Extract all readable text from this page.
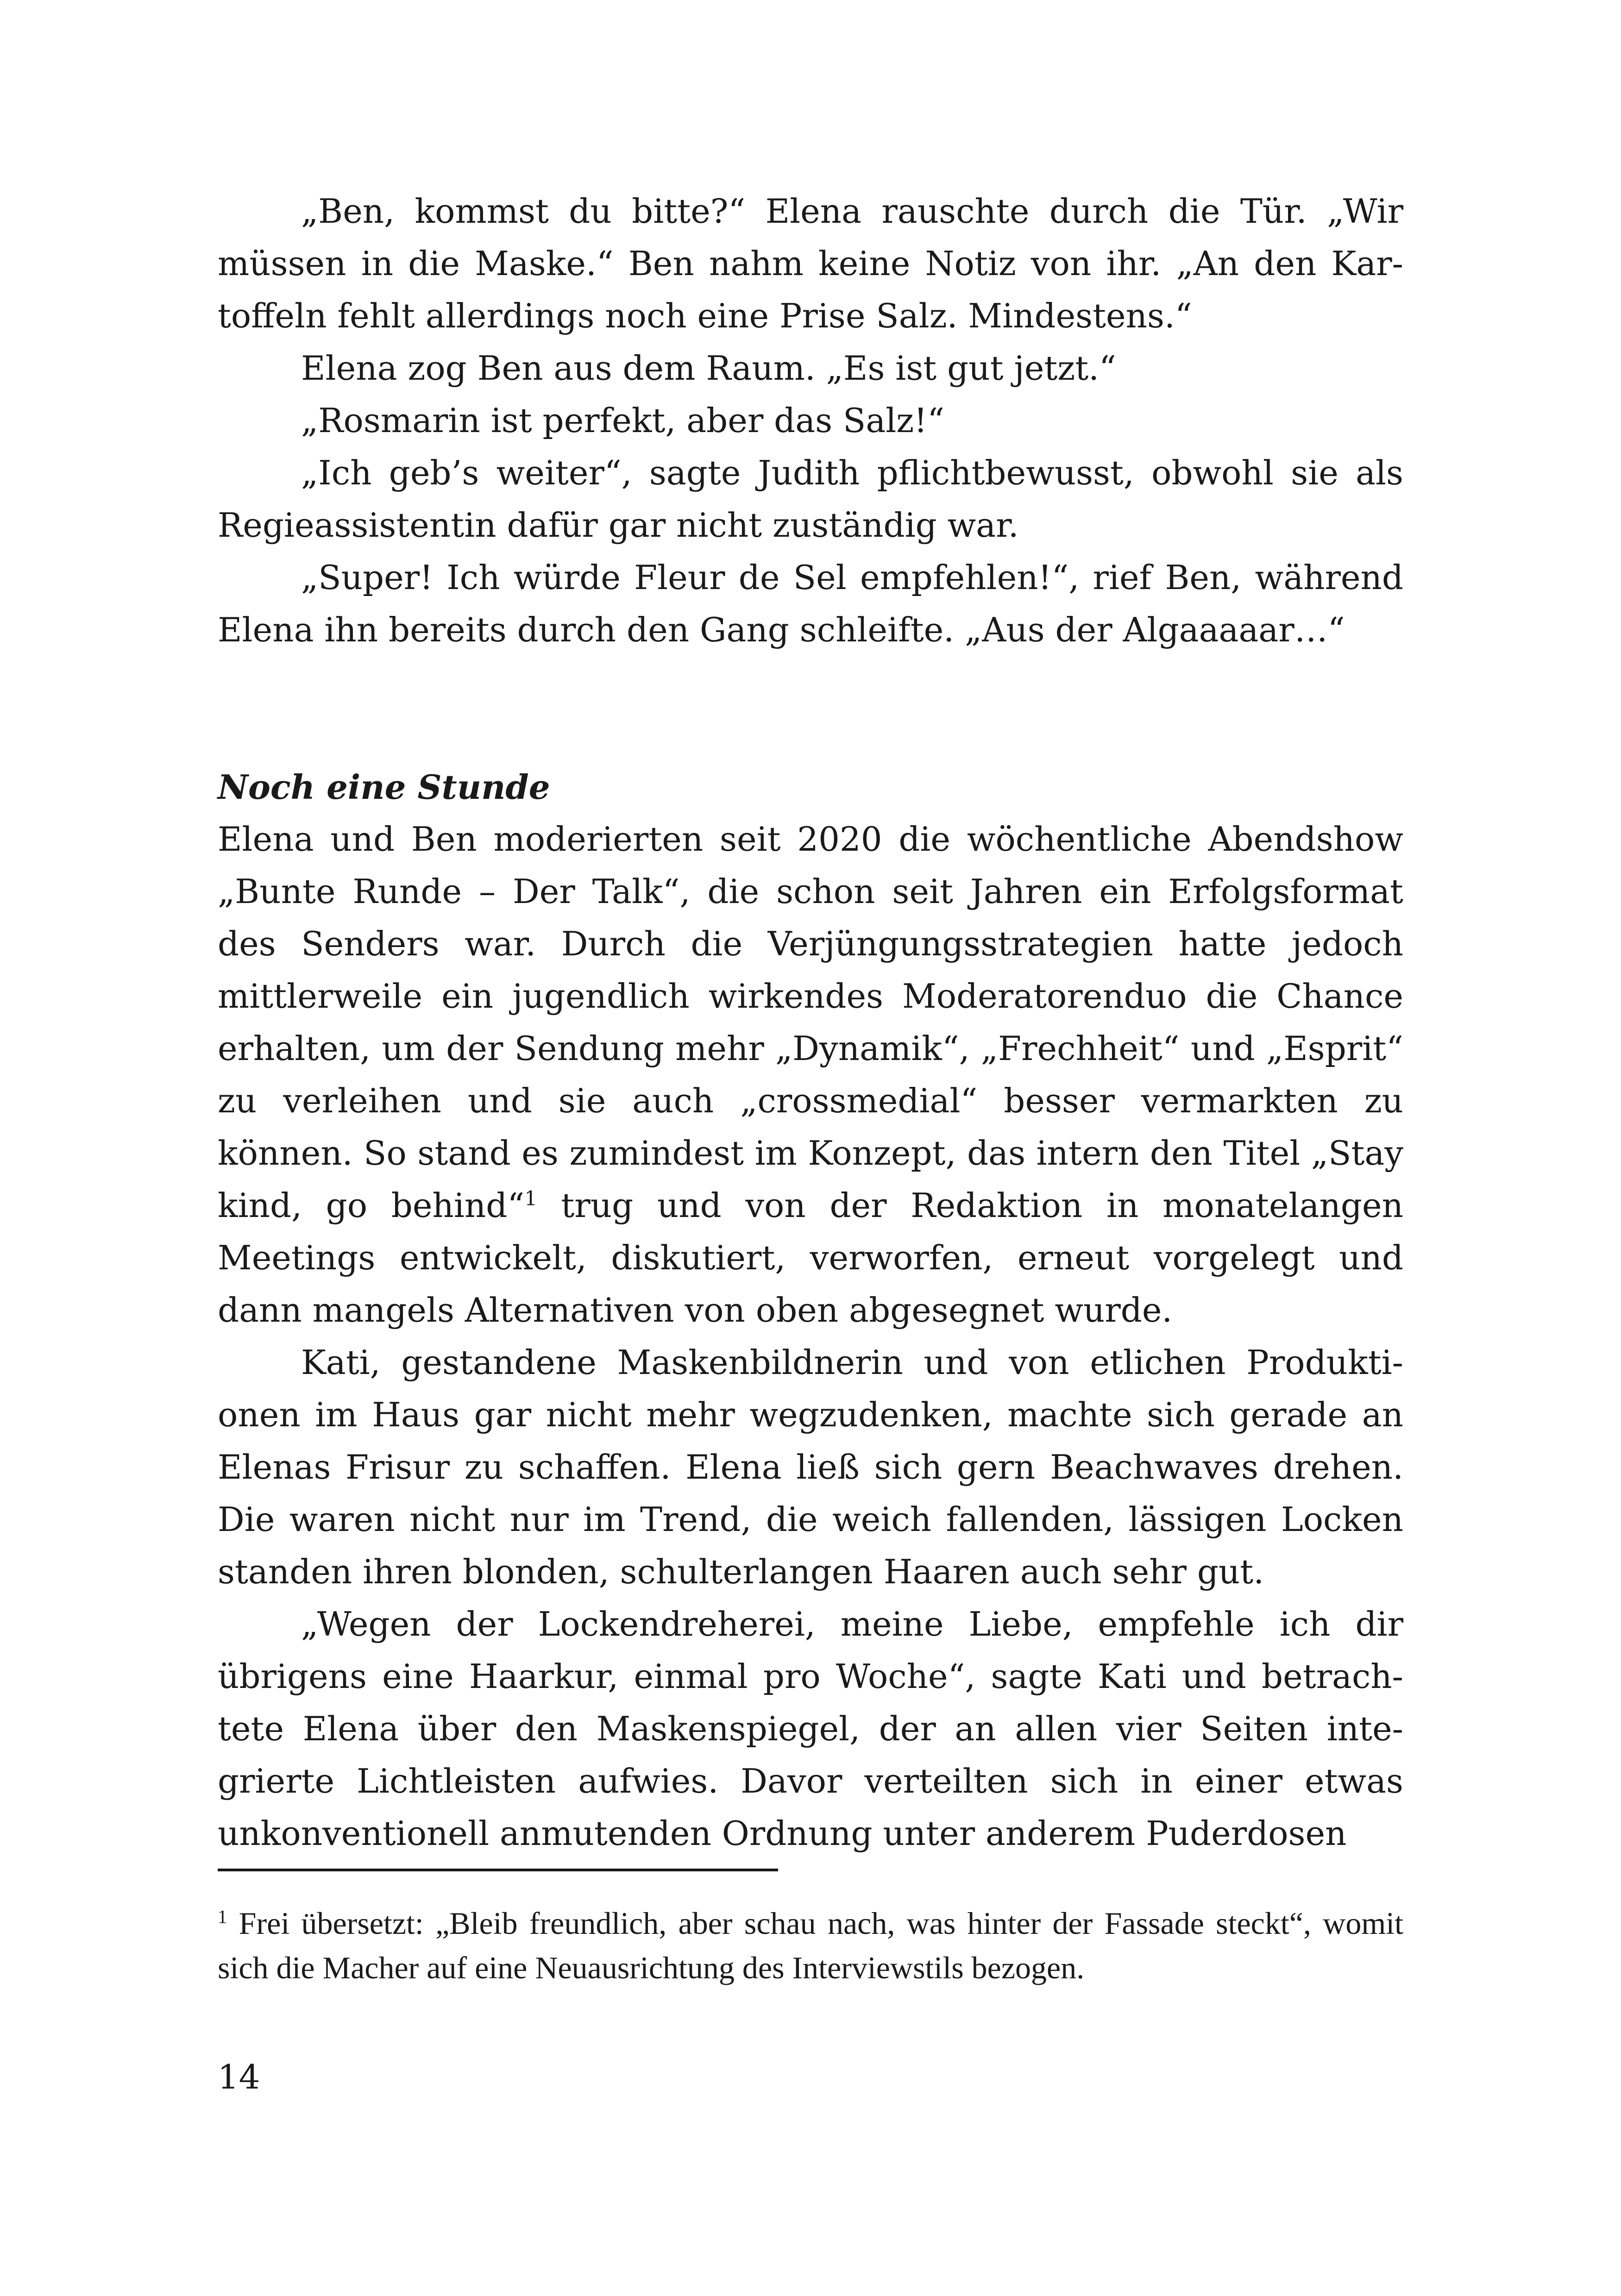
„Ben, kommst du bitte?“ Elena rauschte durch die Tür. „Wir müssen in die Maske.“ Ben nahm keine Notiz von ihr. „An den Kartoffeln fehlt allerdings noch eine Prise Salz. Mindestens.“

Elena zog Ben aus dem Raum. „Es ist gut jetzt.“

„Rosmarin ist perfekt, aber das Salz!“

„Ich geb’s weiter“, sagte Judith pflichtbewusst, obwohl sie als Regieassistentin dafür gar nicht zuständig war.

„Super! Ich würde Fleur de Sel empfehlen!“, rief Ben, während Elena ihn bereits durch den Gang schleifte. „Aus der Algaaaaar…“

Noch eine Stunde

Elena und Ben moderierten seit 2020 die wöchentliche Abendshow „Bunte Runde – Der Talk“, die schon seit Jahren ein Erfolgsformat des Senders war. Durch die Verjüngungsstrategien hatte jedoch mittlerweile ein jugendlich wirkendes Moderatorenduo die Chance erhalten, um der Sendung mehr „Dynamik“, „Frechheit“ und „Esprit“ zu verleihen und sie auch „crossmedial“ besser vermarkten zu können. So stand es zumindest im Konzept, das intern den Titel „Stay kind, go behind“$^1$ trug und von der Redaktion in monatelangen Meetings entwickelt, diskutiert, verworfen, erneut vorgelegt und dann mangels Alternativen von oben abgesegnet wurde.

Kati, gestandene Maskenbildnerin und von etlichen Produktionen im Haus gar nicht mehr wegzudenken, machte sich gerade an Elenas Frisur zu schaffen. Elena ließ sich gern Beachwaves drehen. Die waren nicht nur im Trend, die weich fallenden, lässigen Locken standen ihren blonden, schulterlangen Haaren auch sehr gut.

„Wegen der Lockendreherei, meine Liebe, empfehle ich dir übrigens eine Haarkur, einmal pro Woche“, sagte Kati und betrachtete Elena über den Maskenspiegel, der an allen vier Seiten integrierte Lichtleisten aufwies. Davor verteilten sich in einer etwas unkonventionell anmutenden Ordnung unter anderem Puderdosen

$^1$ Frei übersetzt: „Bleib freundlich, aber schau nach, was hinter der Fassade steckt“, womit sich die Macher auf eine Neuausrichtung des Interviewstils bezogen.
14
